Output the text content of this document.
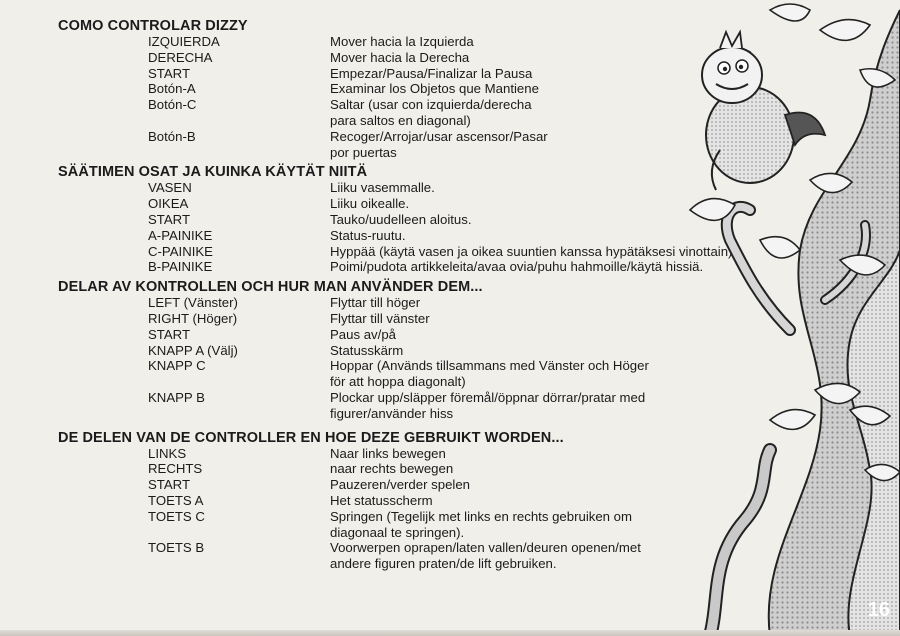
COMO CONTROLAR DIZZY
IZQUIERDA	Mover hacia la Izquierda
DERECHA	Mover hacia la Derecha
START	Empezar/Pausa/Finalizar la Pausa
Botón-A	Examinar los Objetos que Mantiene
Botón-C	Saltar (usar con izquierda/derecha
para saltos en diagonal)
Botón-B	Recoger/Arrojar/usar ascensor/Pasar
por puertas
SÄÄTIMEN OSAT JA KUINKA KÄYTÄT NIITÄ
VASEN	Liiku vasemmalle.
OIKEA	Liiku oikealle.
START	Tauko/uudelleen aloitus.
A-PAINIKE	Status-ruutu.
C-PAINIKE	Hyppää (käytä vasen ja oikea suuntien kanssa hypätäksesi vinottain).
B-PAINIKE	Poimi/pudota artikkeleita/avaa ovia/puhu hahmoille/käytä hissiä.
DELAR AV KONTROLLEN OCH HUR MAN ANVÄNDER DEM...
LEFT (Vänster)	Flyttar till höger
RIGHT (Höger)	Flyttar till vänster
START	Paus av/på
KNAPP A (Välj)	Statusskärm
KNAPP C	Hoppar (Används tillsammans med Vänster och Höger
för att hoppa diagonalt)
KNAPP B	Plockar upp/släpper föremål/öppnar dörrar/pratar med
figurer/använder hiss
DE DELEN VAN DE CONTROLLER EN HOE DEZE GEBRUIKT WORDEN...
LINKS	Naar links bewegen
RECHTS	naar rechts bewegen
START	Pauzeren/verder spelen
TOETS A	Het statusscherm
TOETS C	Springen (Tegelijk met links en rechts gebruiken om
diagonaal te springen).
TOETS B	Voorwerpen oprapen/laten vallen/deuren openen/met
andere figuren praten/de lift gebruiken.
16
